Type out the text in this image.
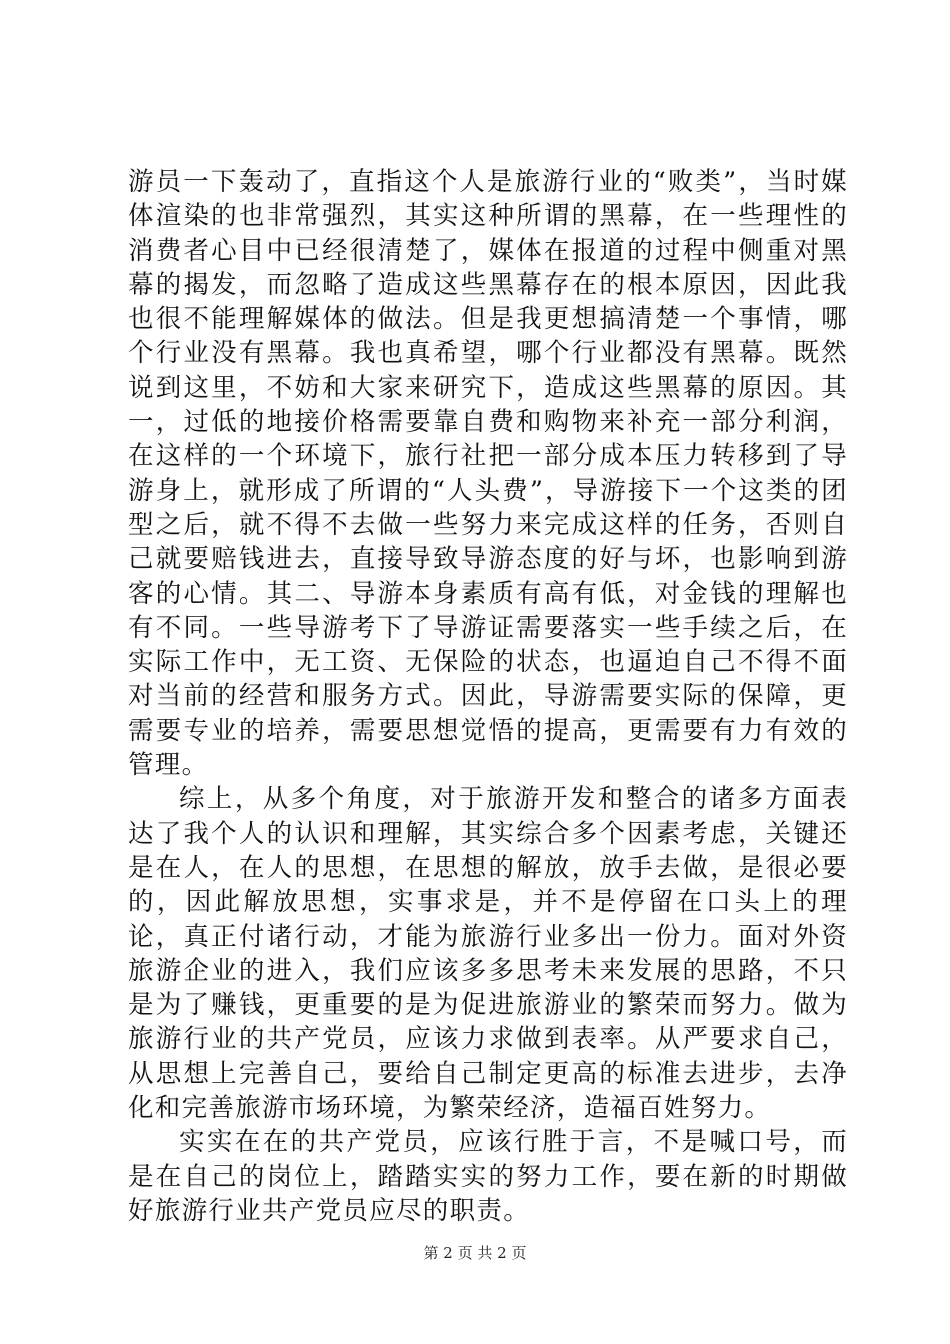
游员一下轰动了，直指这个人是旅游行业的“败类”，当时媒体渲染的也非常强烈，其实这种所谓的黑幕，在一些理性的消费者心目中已经很清楚了，媒体在报道的过程中侧重对黑幕的揭发，而忽略了造成这些黑幕存在的根本原因，因此我也很不能理解媒体的做法。但是我更想搞清楚一个事情，哪个行业没有黑幕。我也真希望，哪个行业都没有黑幕。既然说到这里，不妨和大家来研究下，造成这些黑幕的原因。其一，过低的地接价格需要靠自费和购物来补充一部分利润，在这样的一个环境下，旅行社把一部分成本压力转移到了导游身上，就形成了所谓的“人头费”，导游接下一个这类的团型之后，就不得不去做一些努力来完成这样的任务，否则自己就要赔钱进去，直接导致导游态度的好与坏，也影响到游客的心情。其二、导游本身素质有高有低，对金钱的理解也有不同。一些导游考下了导游证需要落实一些手续之后，在实际工作中，无工资、无保险的状态，也逼迫自己不得不面对当前的经营和服务方式。因此，导游需要实际的保障，更需要专业的培养，需要思想觉悟的提高，更需要有力有效的管理。

综上，从多个角度，对于旅游开发和整合的诸多方面表达了我个人的认识和理解，其实综合多个因素考虑，关键还是在人，在人的思想，在思想的解放，放手去做，是很必要的，因此解放思想，实事求是，并不是停留在口头上的理论，真正付诸行动，才能为旅游行业多出一份力。面对外资旅游企业的进入，我们应该多多思考未来发展的思路，不只是为了赚钱，更重要的是为促进旅游业的繁荣而努力。做为旅游行业的共产党员，应该力求做到表率。从严要求自己，从思想上完善自己，要给自己制定更高的标准去进步，去净化和完善旅游市场环境，为繁荣经济，造福百姓努力。

实实在在的共产党员，应该行胜于言，不是喊口号，而是在自己的岗位上，踏踏实实的努力工作，要在新的时期做好旅游行业共产党员应尽的职责。

第 2 页 共 2 页
